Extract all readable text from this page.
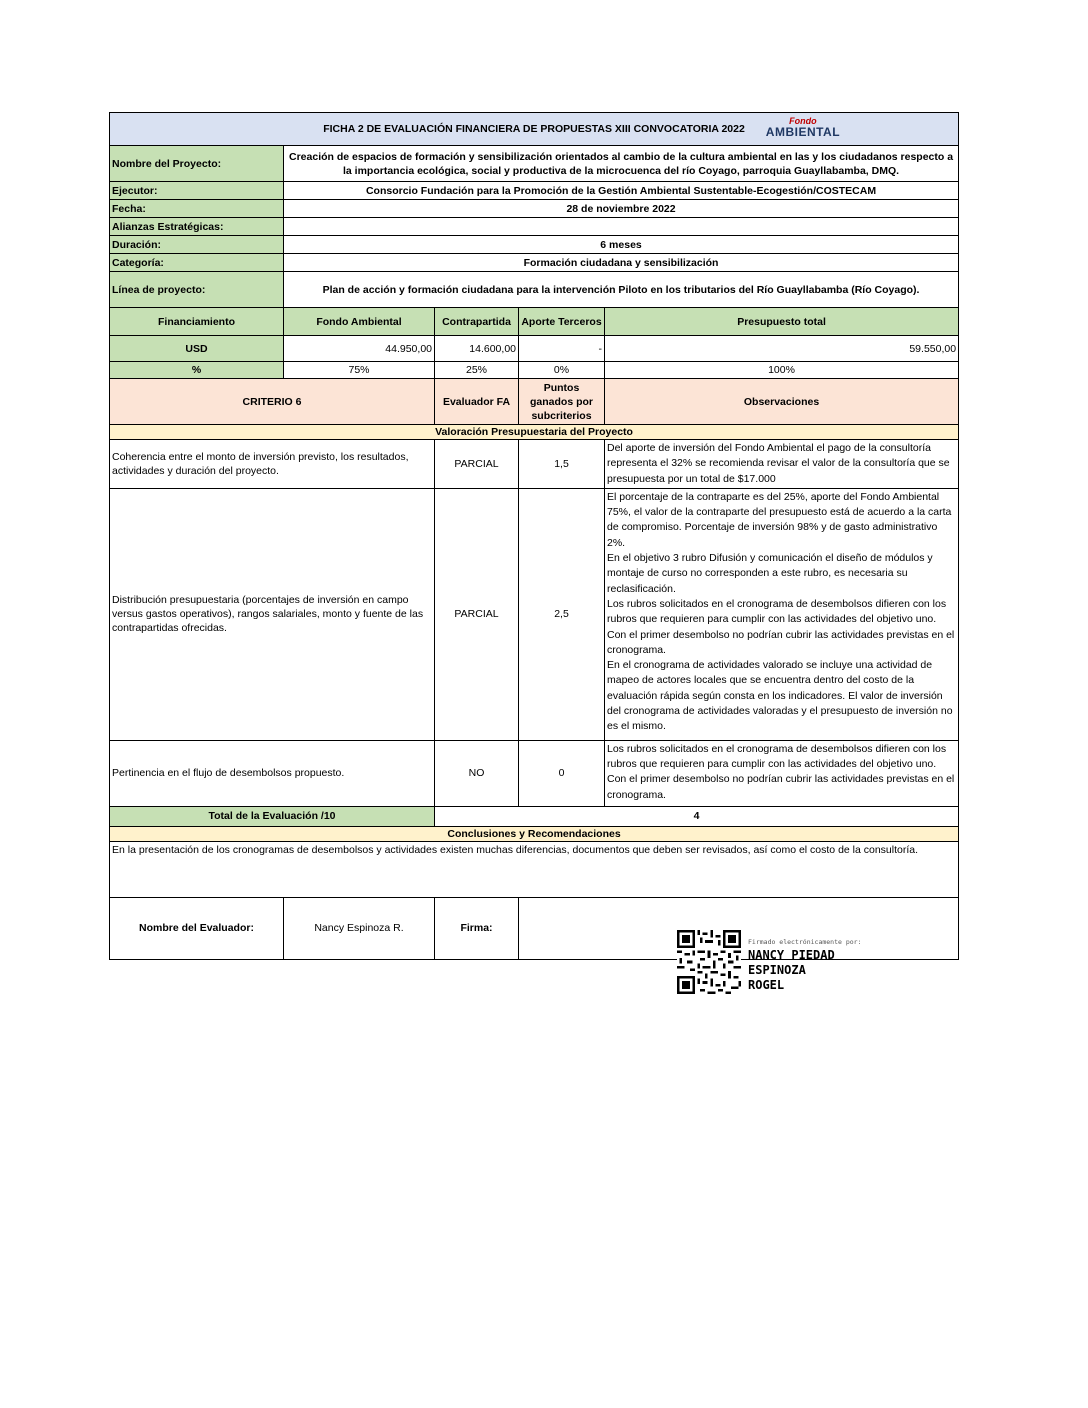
FICHA 2 DE EVALUACIÓN FINANCIERA DE PROPUESTAS XIII CONVOCATORIA 2022
Fondo
AMBIENTAL				

Nombre del Proyecto:	Creación de espacios de formación y sensibilización orientados al cambio de la cultura ambiental en las y los ciudadanos respecto a la importancia ecológica, social y productiva de la microcuenca del río Coyago, parroquia Guayllabamba, DMQ.			
Ejecutor:	Consorcio Fundación para la Promoción de la Gestión Ambiental Sustentable-Ecogestión/COSTECAM			
Fecha:	28 de noviembre 2022			
Alianzas Estratégicas:				
Duración:	6 meses			
Categoría:	Formación ciudadana y sensibilización			
Línea de proyecto:	Plan de acción y formación ciudadana para la intervención Piloto en los tributarios del Río Guayllabamba (Río Coyago).			
Financiamiento	Fondo Ambiental	Contrapartida	Aporte Terceros	Presupuesto total
USD	44.950,00	14.600,00	-	59.550,00
%	75%	25%	0%	100%
CRITERIO 6		Evaluador FA	Puntos ganados por subcriterios	Observaciones
Valoración Presupuestaria del Proyecto				
Coherencia entre el monto de inversión previsto, los resultados, actividades y duración del proyecto.		PARCIAL	1,5	Del aporte de inversión del Fondo Ambiental el pago de la consultoría representa el 32% se recomienda revisar el valor de la consultoría que se presupuesta por un total de $17.000
Distribución presupuestaria (porcentajes de inversión en campo versus gastos operativos), rangos salariales, monto y fuente de las contrapartidas ofrecidas.		PARCIAL	2,5	El porcentaje de la contraparte es del 25%, aporte del Fondo Ambiental 75%, el valor de la contraparte del presupuesto está de acuerdo a la carta de compromiso. Porcentaje de inversión 98% y de gasto administrativo 2%.
En el objetivo 3 rubro Difusión y comunicación el diseño de módulos y montaje de curso no corresponden a este rubro, es necesaria su reclasificación.
Los rubros solicitados en el cronograma de desembolsos difieren con los rubros que requieren para cumplir con las actividades del objetivo uno. Con el primer desembolso no podrían cubrir las actividades previstas en el cronograma.
En el cronograma de actividades valorado se incluye una actividad de mapeo de actores locales que se encuentra dentro del costo de la evaluación rápida según consta en los indicadores. El valor de inversión del cronograma de actividades valoradas y el presupuesto de inversión no es el mismo.

Pertinencia en el flujo de desembolsos propuesto.		NO	0	Los rubros solicitados en el cronograma de desembolsos difieren con los rubros que requieren para cumplir con las actividades del objetivo uno. Con el primer desembolso no podrían cubrir las actividades previstas en el cronograma.
Total de la Evaluación /10		4		
Conclusiones y Recomendaciones				
En la presentación de los cronogramas de desembolsos y actividades existen muchas diferencias, documentos que deben ser revisados, así como el costo de la consultoría.				
Nombre del Evaluador:	Nancy Espinoza R.	Firma:		
Firmado electrónicamente por:
NANCY PIEDAD
ESPINOZA
ROGEL
